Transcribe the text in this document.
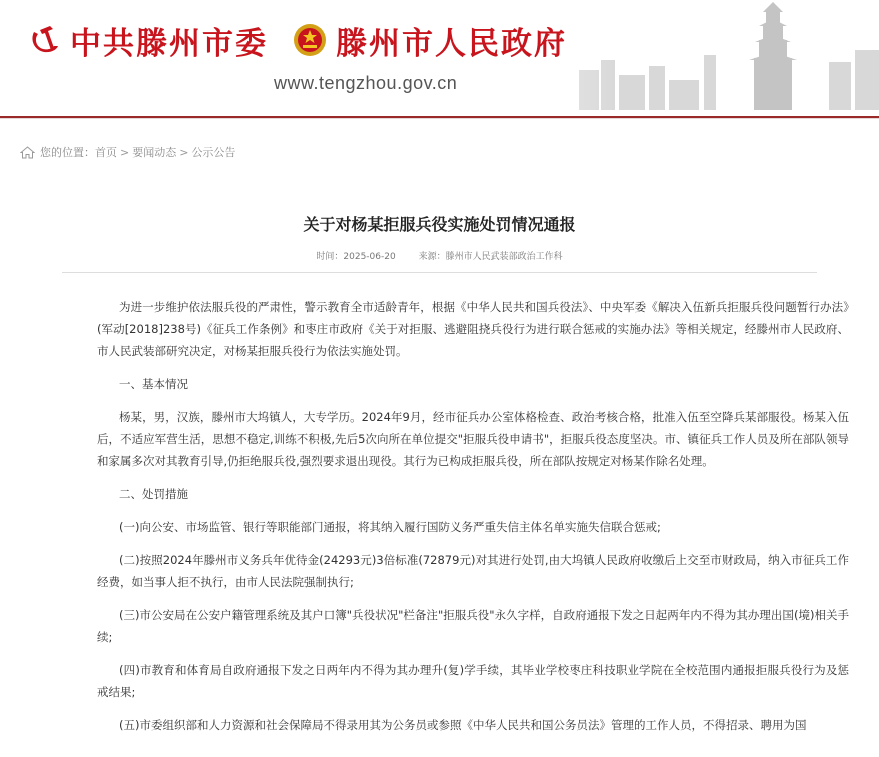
中共滕州市委 滕州市人民政府
www.tengzhou.gov.cn
您的位置： 首页 > 要闻动态 > 公示公告
关于对杨某拒服兵役实施处罚情况通报
时间：2025-06-20	来源：滕州市人民武装部政治工作科

为进一步维护依法服兵役的严肃性，警示教育全市适龄青年，根据《中华人民共和国兵役法》、中央军委《解决入伍新兵拒服兵役问题暂行办法》(军动[2018]238号)《征兵工作条例》和枣庄市政府《关于对拒服、逃避阻挠兵役行为进行联合惩戒的实施办法》等相关规定，经滕州市人民政府、市人民武装部研究决定，对杨某拒服兵役行为依法实施处罚。

一、基本情况

杨某，男，汉族，滕州市大坞镇人，大专学历。2024年9月，经市征兵办公室体格检查、政治考核合格，批准入伍至空降兵某部服役。杨某入伍后，不适应军营生活，思想不稳定,训练不积极,先后5次向所在单位提交"拒服兵役申请书"，拒服兵役态度坚决。市、镇征兵工作人员及所在部队领导和家属多次对其教育引导,仍拒绝服兵役,强烈要求退出现役。其行为已构成拒服兵役，所在部队按规定对杨某作除名处理。

二、处罚措施

(一)向公安、市场监管、银行等职能部门通报，将其纳入履行国防义务严重失信主体名单实施失信联合惩戒;

(二)按照2024年滕州市义务兵年优待金(24293元)3倍标准(72879元)对其进行处罚,由大坞镇人民政府收缴后上交至市财政局，纳入市征兵工作经费，如当事人拒不执行，由市人民法院强制执行;

(三)市公安局在公安户籍管理系统及其户口簿"兵役状况"栏备注"拒服兵役"永久字样，自政府通报下发之日起两年内不得为其办理出国(境)相关手续;

(四)市教育和体育局自政府通报下发之日两年内不得为其办理升(复)学手续，其毕业学校枣庄科技职业学院在全校范围内通报拒服兵役行为及惩戒结果;

(五)市委组织部和人力资源和社会保障局不得录用其为公务员或参照《中华人民共和国公务员法》管理的工作人员，不得招录、聘用为国
